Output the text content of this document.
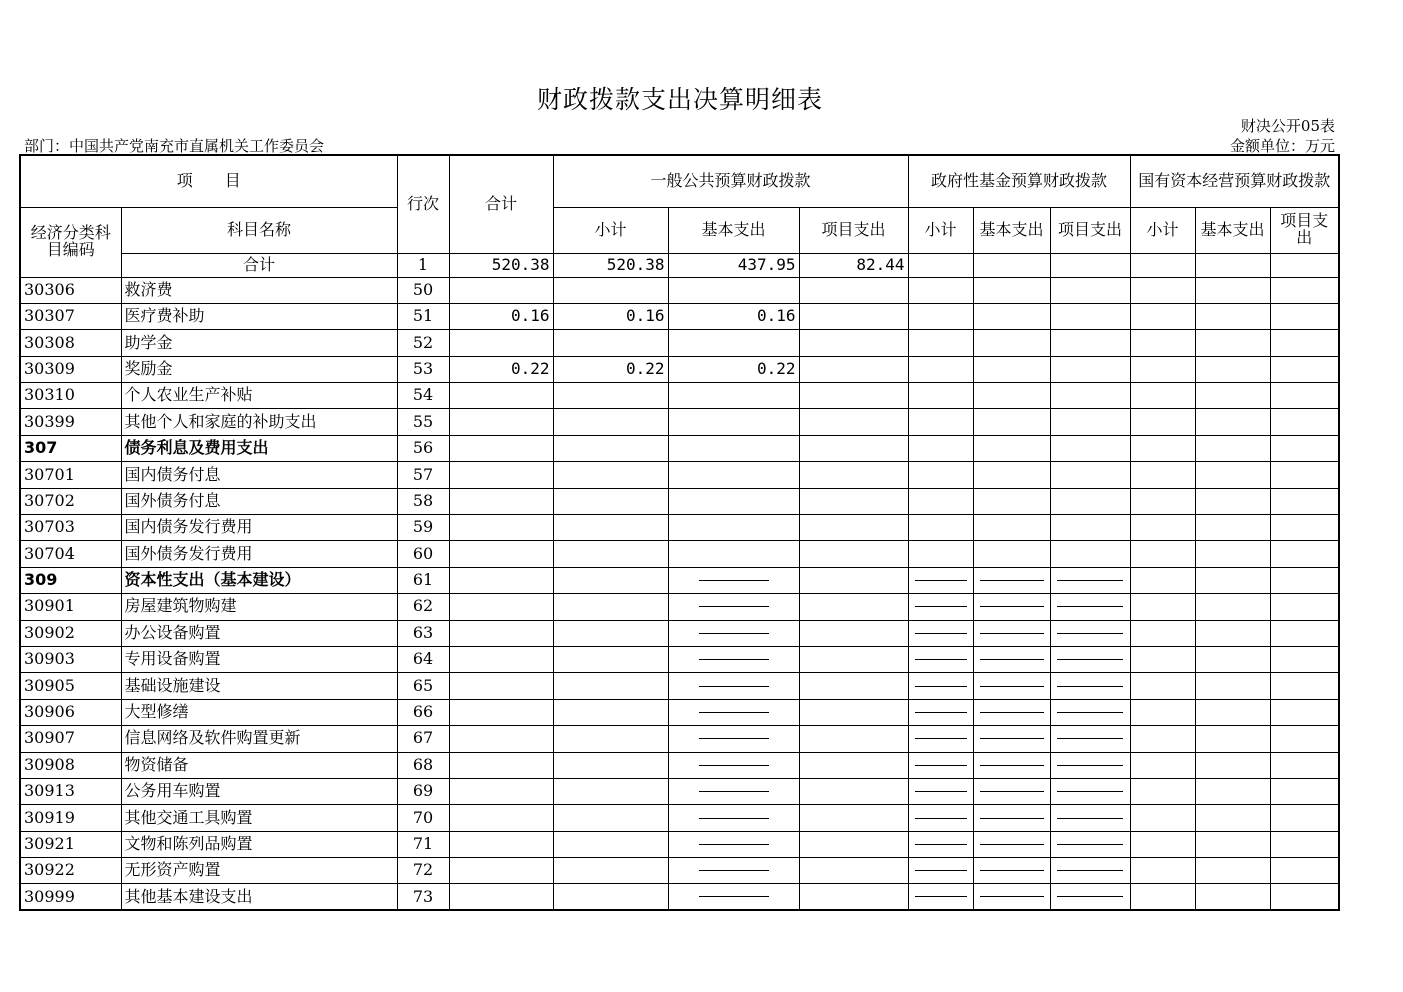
财政拨款支出决算明细表
财决公开05表
部门：中国共产党南充市直属机关工作委员会	金额单位：万元
项　　目		行次	合计	一般公共预算财政拨款			政府性基金预算财政拨款			国有资本经营预算财政拨款		
经济分类科目编码	科目名称			小计	基本支出	项目支出	小计	基本支出	项目支出	小计	基本支出	项目支出
	合计	1	520.38	520.38	437.95	82.44						
30306	救济费	50										
30307	医疗费补助	51	0.16	0.16	0.16							
30308	助学金	52										
30309	奖励金	53	0.22	0.22	0.22							
30310	个人农业生产补贴	54										
30399	其他个人和家庭的补助支出	55										
307	债务利息及费用支出	56										
30701	国内债务付息	57										
30702	国外债务付息	58										
30703	国内债务发行费用	59										
30704	国外债务发行费用	60										
309	资本性支出（基本建设）	61			

30901	房屋建筑物购建	62			

30902	办公设备购置	63			

30903	专用设备购置	64			

30905	基础设施建设	65			

30906	大型修缮	66			

30907	信息网络及软件购置更新	67			

30908	物资储备	68			

30913	公务用车购置	69			

30919	其他交通工具购置	70			

30921	文物和陈列品购置	71			

30922	无形资产购置	72			

30999	其他基本建设支出	73			
